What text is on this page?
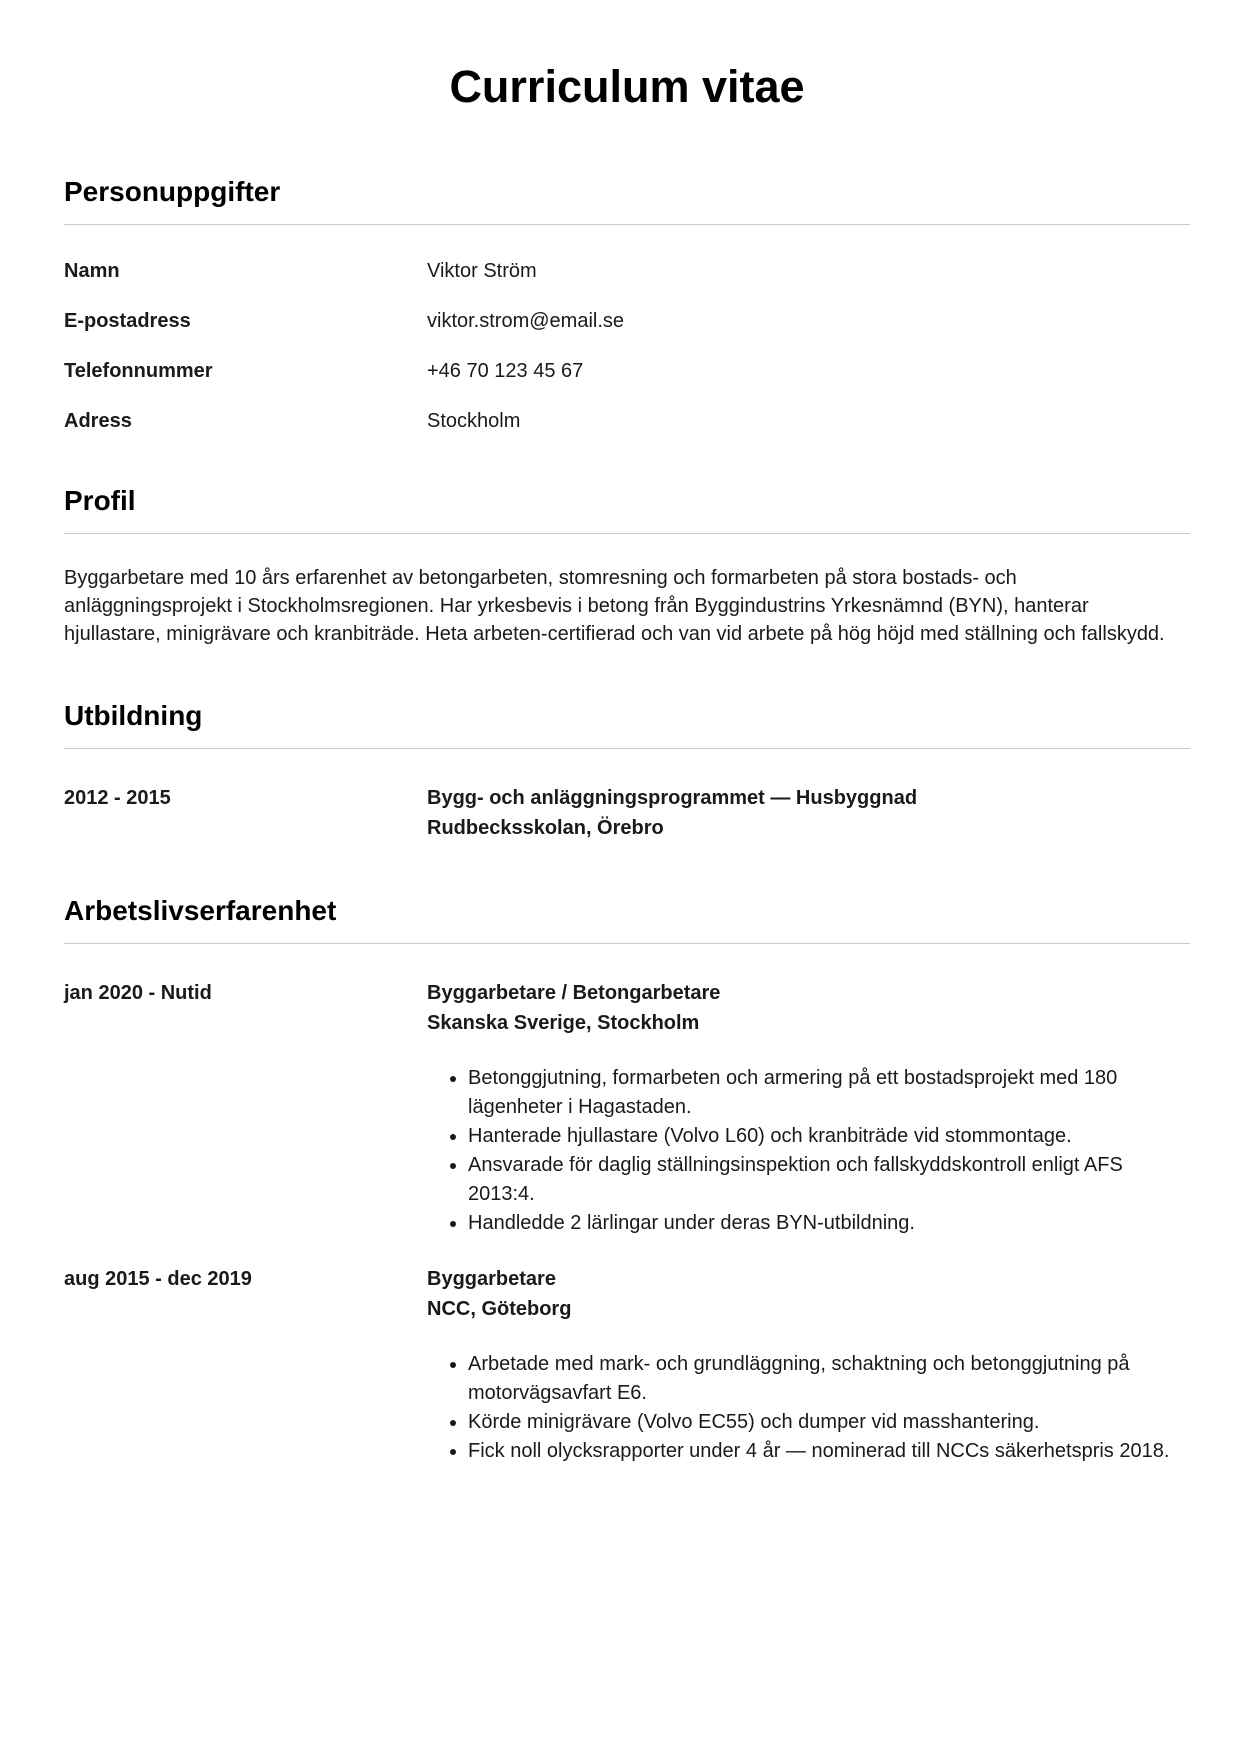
Curriculum vitae
Personuppgifter
Namn	Viktor Ström
E-postadress	viktor.strom@email.se
Telefonnummer	+46 70 123 45 67
Adress	Stockholm
Profil

Byggarbetare med 10 års erfarenhet av betongarbeten, stomresning och formarbeten på stora bostads- och anläggningsprojekt i Stockholmsregionen. Har yrkesbevis i betong från Byggindustrins Yrkesnämnd (BYN), hanterar hjullastare, minigrävare och kranbiträde. Heta arbeten-certifierad och van vid arbete på hög höjd med ställning och fallskydd.

Utbildning
2012 - 2015	Bygg- och anläggningsprogrammet — Husbyggnad
Rudbecksskolan, Örebro
Arbetslivserfarenhet
jan 2020 - Nutid	Byggarbetare / Betongarbetare
Skanska Sverige, Stockholm
• Betonggjutning, formarbeten och armering på ett bostadsprojekt med 180 lägenheter i Hagastaden.
• Hanterade hjullastare (Volvo L60) och kranbiträde vid stommontage.
• Ansvarade för daglig ställningsinspektion och fallskyddskontroll enligt AFS 2013:4.
• Handledde 2 lärlingar under deras BYN-utbildning.
aug 2015 - dec 2019	Byggarbetare
NCC, Göteborg
• Arbetade med mark- och grundläggning, schaktning och betonggjutning på motorvägsavfart E6.
• Körde minigrävare (Volvo EC55) och dumper vid masshantering.
• Fick noll olycksrapporter under 4 år — nominerad till NCCs säkerhetspris 2018.
